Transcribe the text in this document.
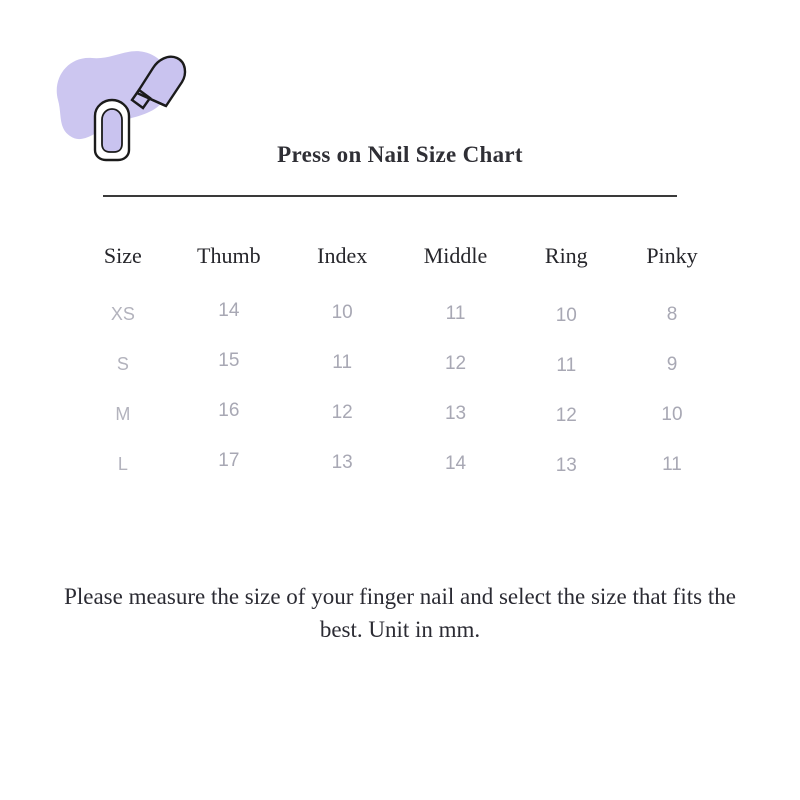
Press on Nail Size Chart
Size	Thumb	Index	Middle	Ring	Pinky
XS	14	10	11	10	8
S	15	11	12	11	9
M	16	12	13	12	10
L	17	13	14	13	11
Please measure the size of your finger nail and select the size that fits the best. Unit in mm.
